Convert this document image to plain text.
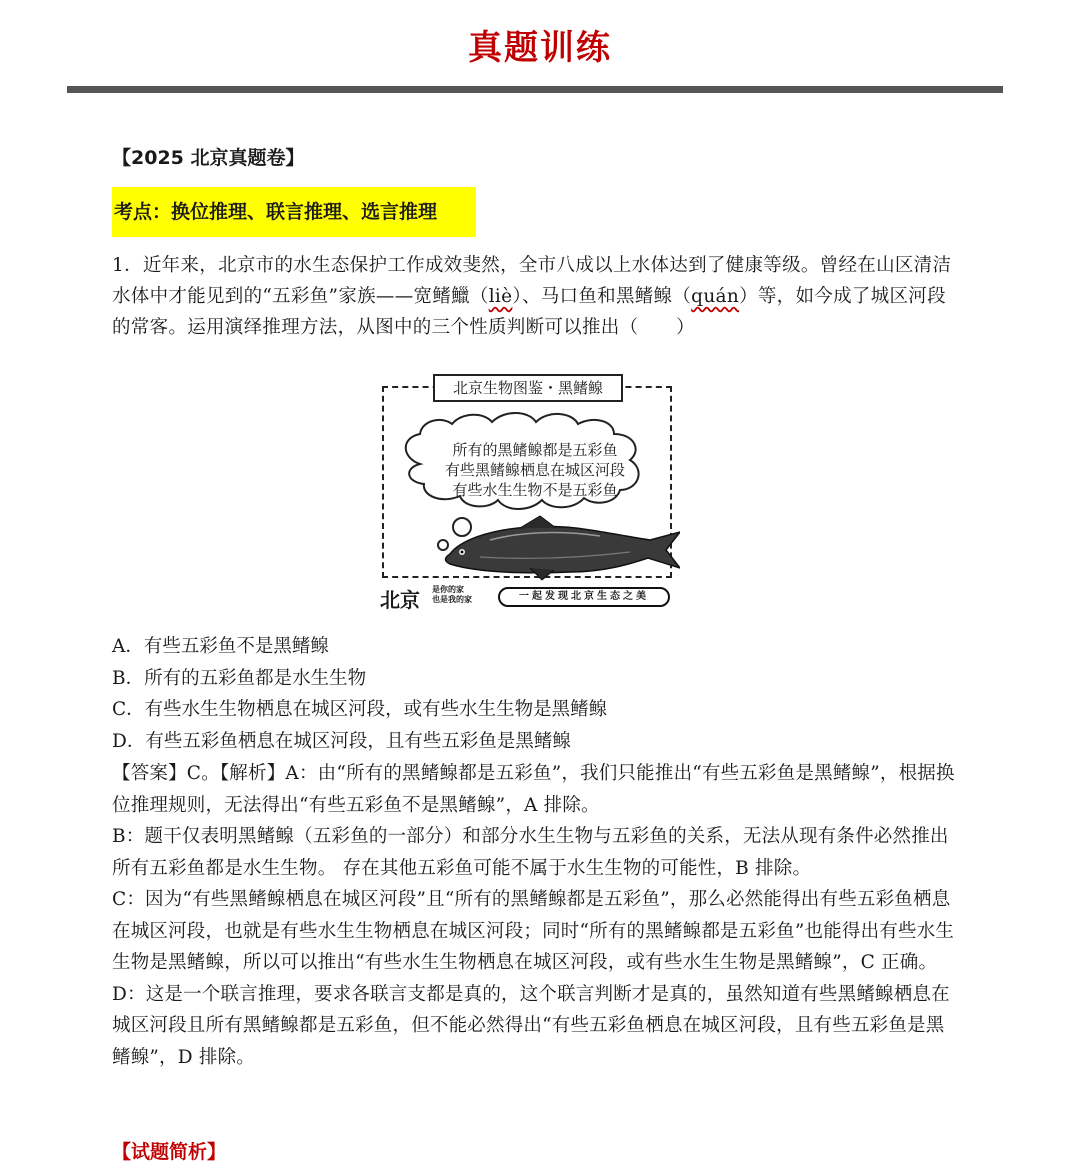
真题训练
【2025 北京真题卷】
考点：换位推理、联言推理、选言推理

1．近年来，北京市的水生态保护工作成效斐然，全市八成以上水体达到了健康等级。曾经在山区清洁水体中才能见到的“五彩鱼”家族——宽鳍鱲（liè）、马口鱼和黑鳍鳈（quán）等，如今成了城区河段的常客。运用演绎推理方法，从图中的三个性质判断可以推出（　　）

北京生物图鉴・黑鳍鳈
所有的黑鳍鳈都是五彩鱼
有些黑鳍鳈栖息在城区河段
有些水生生物不是五彩鱼
北京 是你的家
也是我的家	一起发现北京生态之美
A．有些五彩鱼不是黑鳍鳈
B．所有的五彩鱼都是水生生物
C．有些水生生物栖息在城区河段，或有些水生生物是黑鳍鳈
D．有些五彩鱼栖息在城区河段，且有些五彩鱼是黑鳍鳈

【答案】C。【解析】A：由“所有的黑鳍鳈都是五彩鱼”，我们只能推出“有些五彩鱼是黑鳍鳈”，根据换位推理规则，无法得出“有些五彩鱼不是黑鳍鳈”，A 排除。

B：题干仅表明黑鳍鳈（五彩鱼的一部分）和部分水生生物与五彩鱼的关系，无法从现有条件必然推出所有五彩鱼都是水生生物。 存在其他五彩鱼可能不属于水生生物的可能性，B 排除。

C：因为“有些黑鳍鳈栖息在城区河段”且“所有的黑鳍鳈都是五彩鱼”，那么必然能得出有些五彩鱼栖息在城区河段，也就是有些水生生物栖息在城区河段；同时“所有的黑鳍鳈都是五彩鱼”也能得出有些水生生物是黑鳍鳈，所以可以推出“有些水生生物栖息在城区河段，或有些水生生物是黑鳍鳈”，C 正确。

D：这是一个联言推理，要求各联言支都是真的，这个联言判断才是真的，虽然知道有些黑鳍鳈栖息在城区河段且所有黑鳍鳈都是五彩鱼，但不能必然得出“有些五彩鱼栖息在城区河段，且有些五彩鱼是黑鳍鳈”，D 排除。

【试题简析】
